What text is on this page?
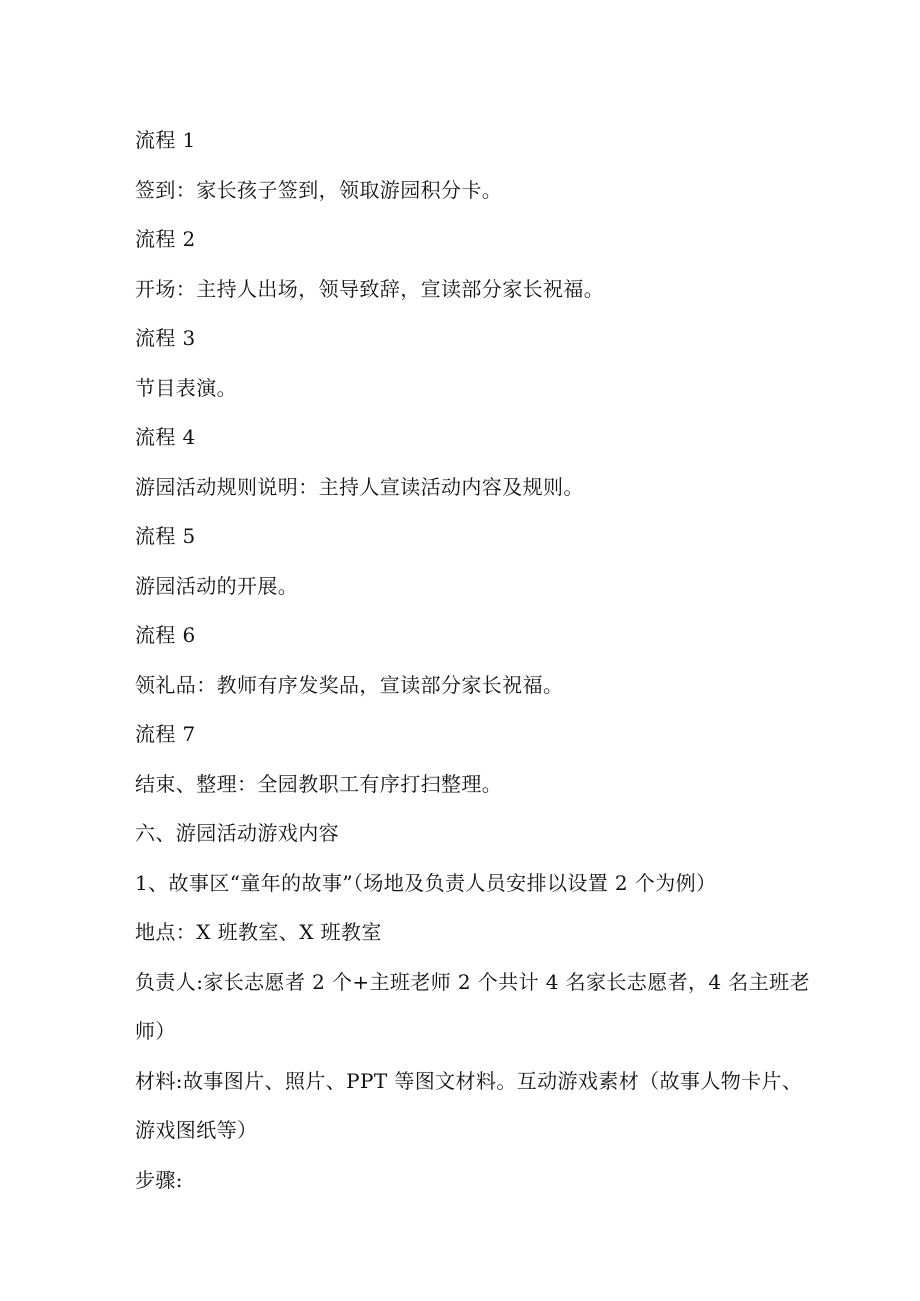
流程 1
签到：家长孩子签到，领取游园积分卡。
流程 2
开场：主持人出场，领导致辞，宣读部分家长祝福。
流程 3
节目表演。
流程 4
游园活动规则说明：主持人宣读活动内容及规则。
流程 5
游园活动的开展。
流程 6
领礼品：教师有序发奖品，宣读部分家长祝福。
流程 7
结束、整理：全园教职工有序打扫整理。
六、游园活动游戏内容
1、故事区“童年的故事”（场地及负责人员安排以设置 2 个为例）
地点：X 班教室、X 班教室
负责人:家长志愿者 2 个+主班老师 2 个共计 4 名家长志愿者，4 名主班老
师）
材料:故事图片、照片、PPT 等图文材料。互动游戏素材（故事人物卡片、
游戏图纸等）
步骤:
